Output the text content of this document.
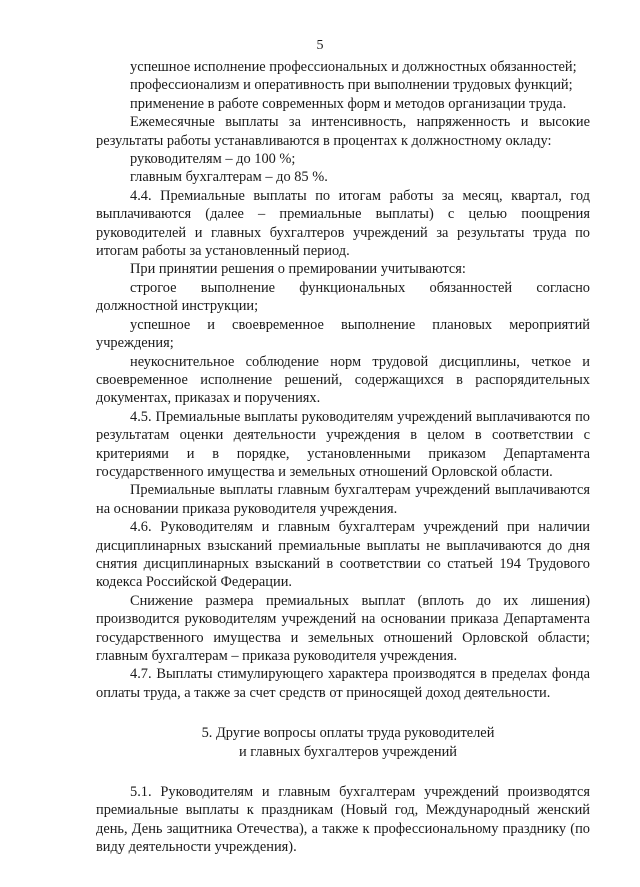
5

успешное исполнение профессиональных и должностных обязанностей;

профессионализм и оперативность при выполнении трудовых функций;

применение в работе современных форм и методов организации труда.

Ежемесячные выплаты за интенсивность, напряженность и высокие результаты работы устанавливаются в процентах к должностному окладу:

руководителям – до 100 %;

главным бухгалтерам – до 85 %.

4.4. Премиальные выплаты по итогам работы за месяц, квартал, год выплачиваются (далее – премиальные выплаты) с целью поощрения руководителей и главных бухгалтеров учреждений за результаты труда по итогам работы за установленный период.

При принятии решения о премировании учитываются:

строгое выполнение функциональных обязанностей согласно должностной инструкции;

успешное и своевременное выполнение плановых мероприятий учреждения;

неукоснительное соблюдение норм трудовой дисциплины, четкое и своевременное исполнение решений, содержащихся в распорядительных документах, приказах и поручениях.

4.5. Премиальные выплаты руководителям учреждений выплачиваются по результатам оценки деятельности учреждения в целом в соответствии с критериями и в порядке, установленными приказом Департамента государственного имущества и земельных отношений Орловской области.

Премиальные выплаты главным бухгалтерам учреждений выплачиваются на основании приказа руководителя учреждения.

4.6. Руководителям и главным бухгалтерам учреждений при наличии дисциплинарных взысканий премиальные выплаты не выплачиваются до дня снятия дисциплинарных взысканий в соответствии со статьей 194 Трудового кодекса Российской Федерации.

Снижение размера премиальных выплат (вплоть до их лишения) производится руководителям учреждений на основании приказа Департамента государственного имущества и земельных отношений Орловской области; главным бухгалтерам – приказа руководителя учреждения.

4.7. Выплаты стимулирующего характера производятся в пределах фонда оплаты труда, а также за счет средств от приносящей доход деятельности.

5. Другие вопросы оплаты труда руководителей
и главных бухгалтеров учреждений

5.1. Руководителям и главным бухгалтерам учреждений производятся премиальные выплаты к праздникам (Новый год, Международный женский день, День защитника Отечества), а также к профессиональному празднику (по виду деятельности учреждения).
